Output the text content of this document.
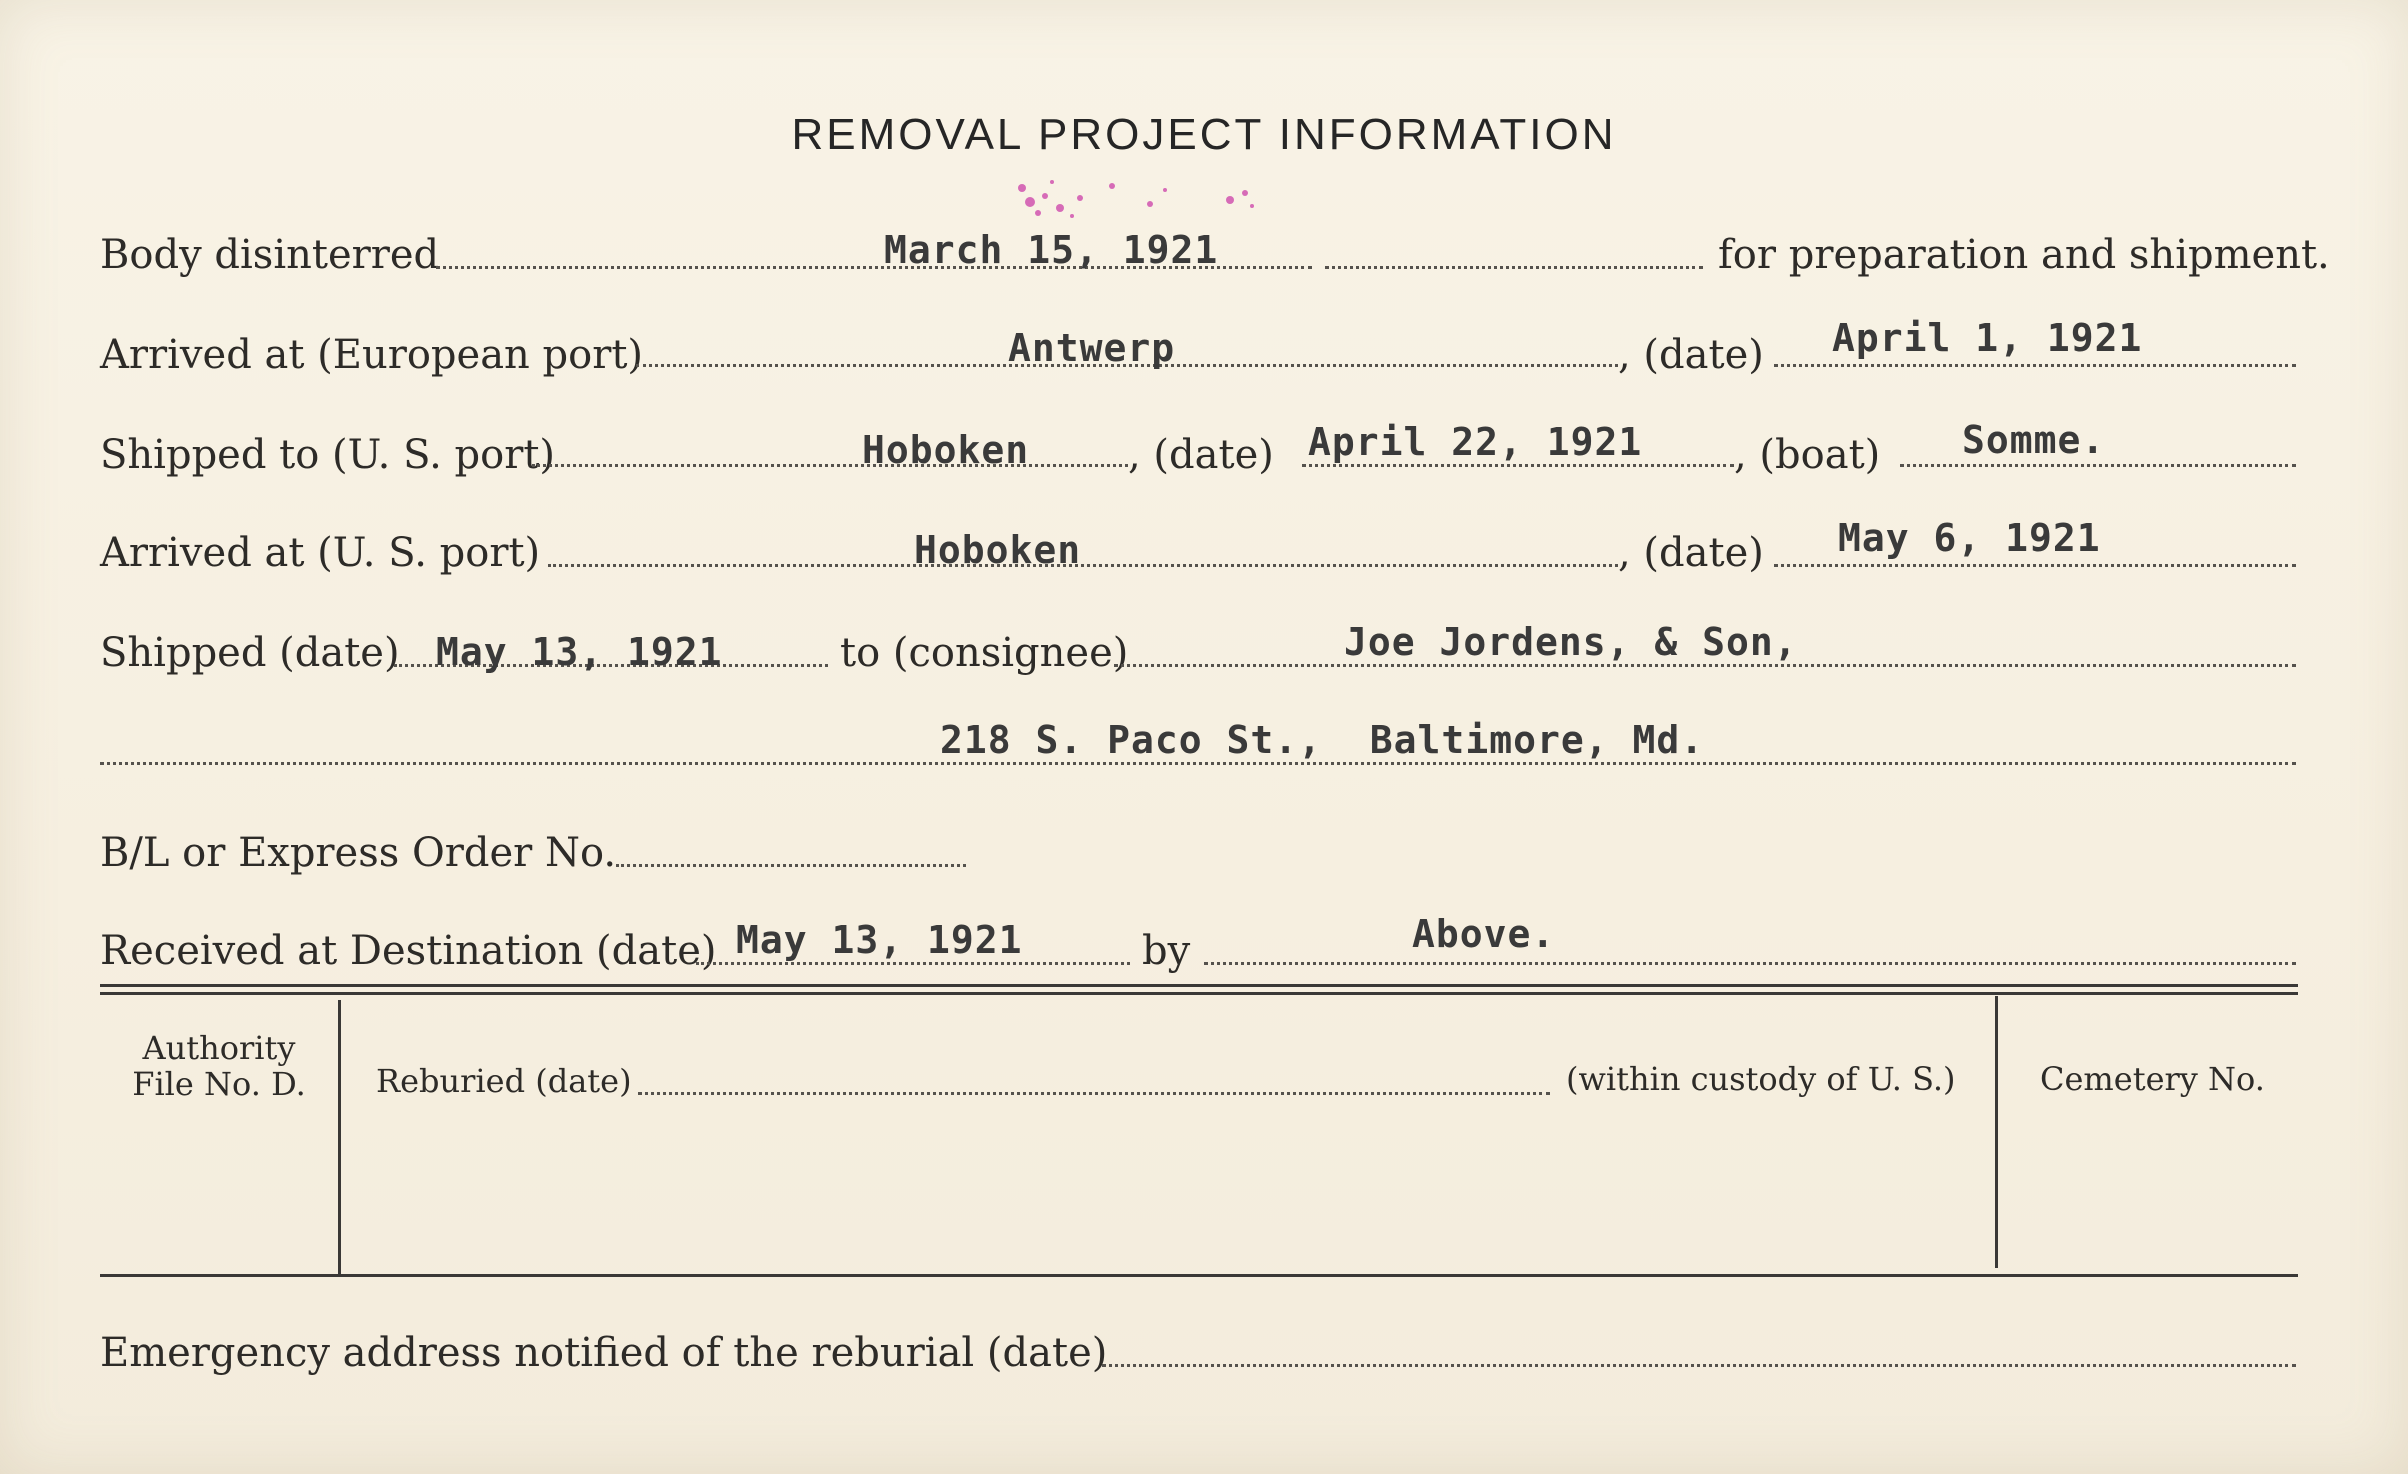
REMOVAL PROJECT INFORMATION
Body disinterred	March 15, 1921	for preparation and shipment.
Arrived at (European port)	Antwerp	, (date) April 1, 1921
Shipped to (U. S. port)	Hoboken , (date) April 22, 1921 , (boat) Somme.
Arrived at (U. S. port)	Hoboken	, (date) May 6, 1921
Shipped (date) May 13, 1921	to (consignee)	Joe Jordens, & Son,
218 S. Paco St.,  Baltimore, Md.
B/L or Express Order No.
Received at Destination (date) May 13, 1921	by	Above.
Authority
File No. D.	Reburied (date)	(within custody of U. S.)	Cemetery No.
Emergency address notified of the reburial (date)
